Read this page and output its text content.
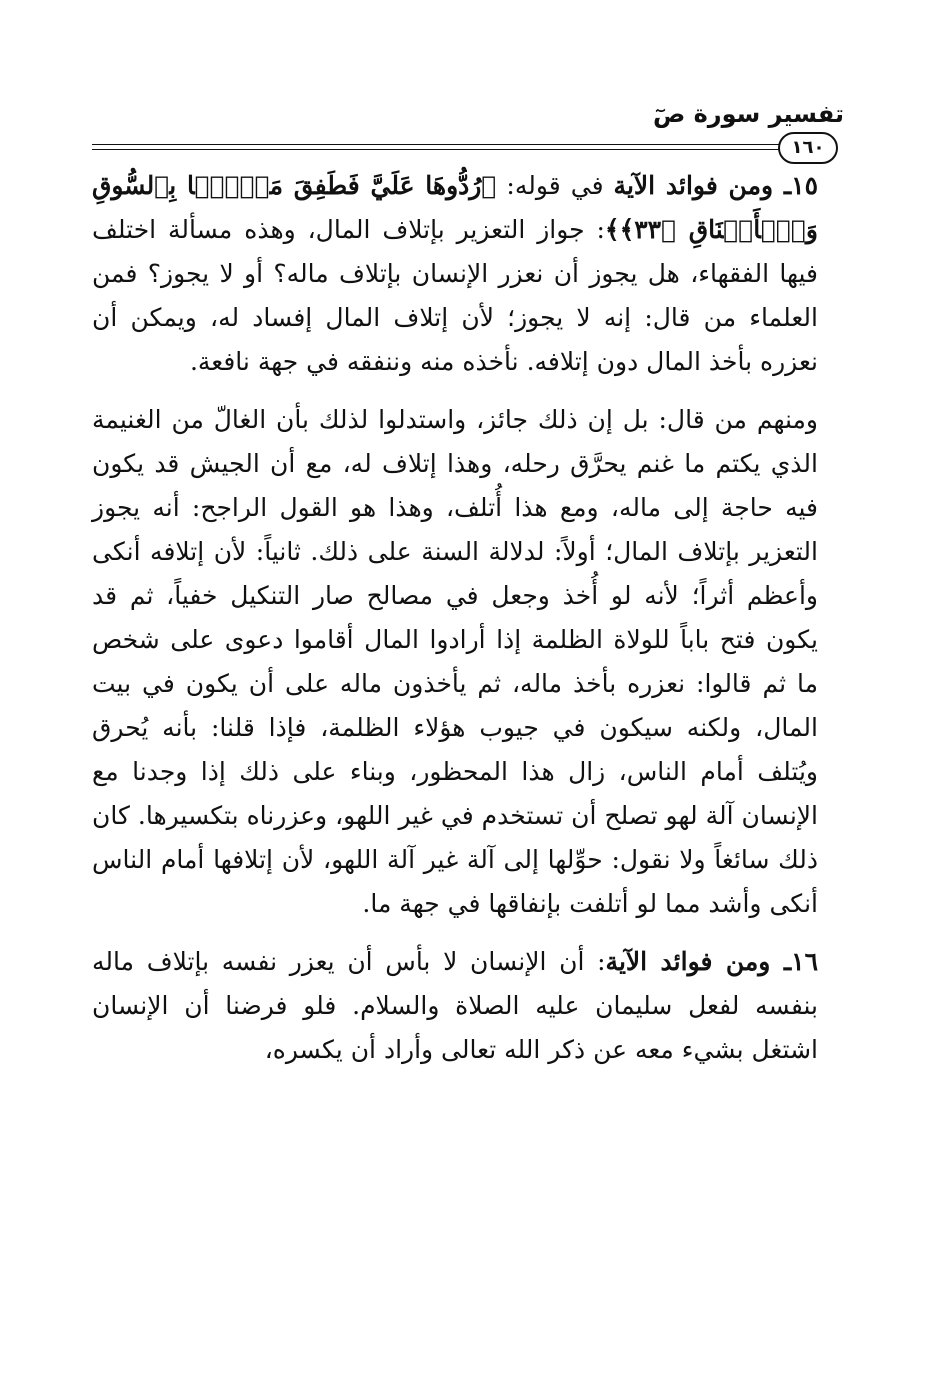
تفسير سورة صٓ
١٦٠

١٥ـ ومن فوائد الآية في قوله: ﴿رُدُّوهَا عَلَيَّ فَطَفِقَ مَسۡحَۢا بِٱلسُّوقِ وَٱلۡأَعۡنَاقِ ﴿٣٣﴾﴾: جواز التعزير بإتلاف المال، وهذه مسألة اختلف فيها الفقهاء، هل يجوز أن نعزر الإنسان بإتلاف ماله؟ أو لا يجوز؟ فمن العلماء من قال: إنه لا يجوز؛ لأن إتلاف المال إفساد له، ويمكن أن نعزره بأخذ المال دون إتلافه. نأخذه منه وننفقه في جهة نافعة.

ومنهم من قال: بل إن ذلك جائز، واستدلوا لذلك بأن الغالّ من الغنيمة الذي يكتم ما غنم يحرَّق رحله، وهذا إتلاف له، مع أن الجيش قد يكون فيه حاجة إلى ماله، ومع هذا أُتلف، وهذا هو القول الراجح: أنه يجوز التعزير بإتلاف المال؛ أولاً: لدلالة السنة على ذلك. ثانياً: لأن إتلافه أنكى وأعظم أثراً؛ لأنه لو أُخذ وجعل في مصالح صار التنكيل خفياً، ثم قد يكون فتح باباً للولاة الظلمة إذا أرادوا المال أقاموا دعوى على شخص ما ثم قالوا: نعزره بأخذ ماله، ثم يأخذون ماله على أن يكون في بيت المال، ولكنه سيكون في جيوب هؤلاء الظلمة، فإذا قلنا: بأنه يُحرق ويُتلف أمام الناس، زال هذا المحظور، وبناء على ذلك إذا وجدنا مع الإنسان آلة لهو تصلح أن تستخدم في غير اللهو، وعزرناه بتكسيرها. كان ذلك سائغاً ولا نقول: حوِّلها إلى آلة غير آلة اللهو، لأن إتلافها أمام الناس أنكى وأشد مما لو أتلفت بإنفاقها في جهة ما.

١٦ـ ومن فوائد الآية: أن الإنسان لا بأس أن يعزر نفسه بإتلاف ماله بنفسه لفعل سليمان عليه الصلاة والسلام. فلو فرضنا أن الإنسان اشتغل بشيء معه عن ذكر الله تعالى وأراد أن يكسره،
